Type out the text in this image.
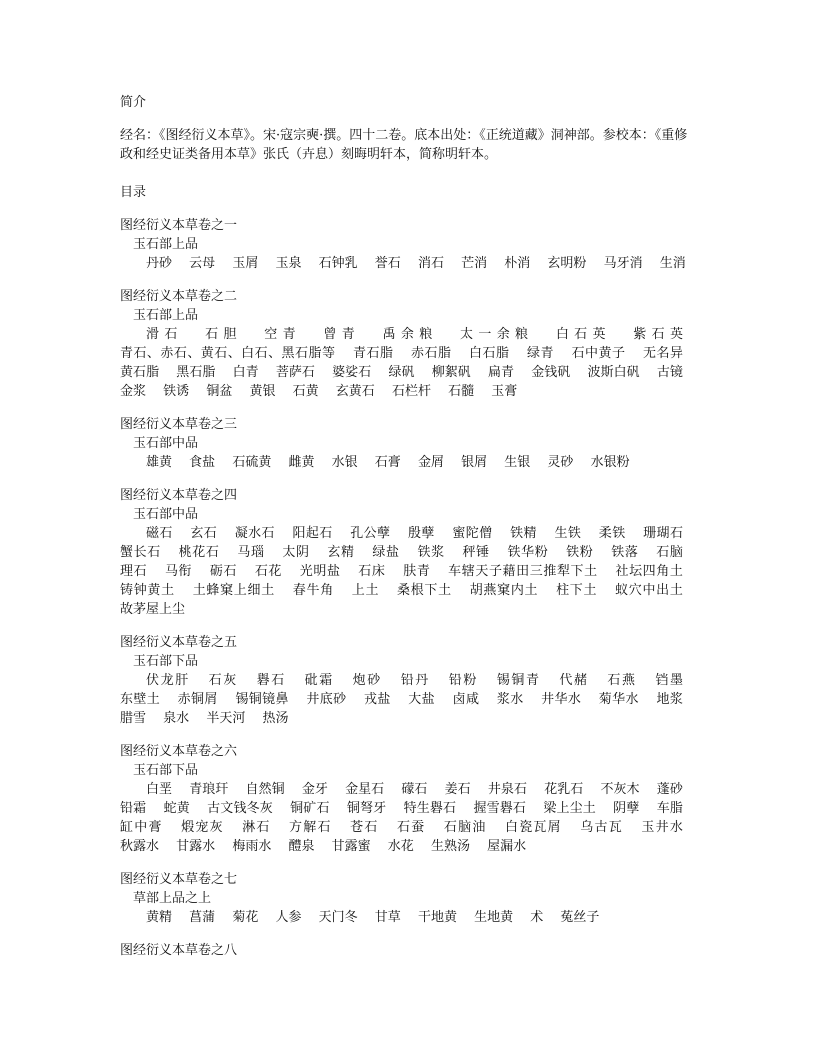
简介

经名：《图经衍义本草》。宋·寇宗奭·撰。四十二卷。底本出处：《正统道藏》洞神部。参校本：《重修政和经史证类备用本草》张氏（卉息）刻晦明轩本，简称明轩本。

目录

图经衍义本草卷之一

玉石部上品

丹砂 云母 玉屑 玉泉 石钟乳 誉石 消石 芒消 朴消 玄明粉 马牙消 生消

图经衍义本草卷之二

玉石部上品

滑石 石胆 空青 曾青 禹余粮 太一余粮 白石英 紫石英 青石、赤石、黄石、白石、黑石脂等 青石脂 赤石脂 白石脂 绿青 石中黄子 无名异 黄石脂 黑石脂 白青 菩萨石 婆娑石 绿矾 柳絮矾 扁青 金钱矾 波斯白矾 古镜 金浆 铁诱 铜盆 黄银 石黄 玄黄石 石栏杆 石髓 玉膏

图经衍义本草卷之三

玉石部中品

雄黄 食盐 石硫黄 雌黄 水银 石膏 金屑 银屑 生银 灵砂 水银粉

图经衍义本草卷之四

玉石部中品

磁石 玄石 凝水石 阳起石 孔公孽 殷孽 蜜陀僧 铁精 生铁 柔铁 珊瑚石 蟹长石 桃花石 马瑙 太阴 玄精 绿盐 铁浆 秤锤 铁华粉 铁粉 铁落 石脑 理石 马衔 砺石 石花 光明盐 石床 肤青 车辖天子藉田三推犁下土 社坛四角土 铸钟黄土 土蜂窠上细土 春牛角 上土 桑根下土 胡燕窠内土 柱下土 蚁穴中出土 故茅屋上尘

图经衍义本草卷之五

玉石部下品

伏龙肝 石灰 礜石 砒霜 炮砂 铅丹 铅粉 锡铜青 代赭 石燕 铛墨 东壁土 赤铜屑 锡铜镜鼻 井底砂 戎盐 大盐 卤咸 浆水 井华水 菊华水 地浆 腊雪 泉水 半天河 热汤

图经衍义本草卷之六

玉石部下品

白垩 青琅玕 自然铜 金牙 金星石 礞石 姜石 井泉石 花乳石 不灰木 蓬砂 铅霜 蛇黄 古文钱冬灰 铜矿石 铜弩牙 特生礜石 握雪礜石 梁上尘土 阴孽 车脂 缸中膏 煅宠灰 淋石 方解石 苍石 石蚕 石脑油 白瓷瓦屑 乌古瓦 玉井水 秋露水 甘露水 梅雨水 醴泉 甘露蜜 水花 生熟汤 屋漏水

图经衍义本草卷之七

草部上品之上

黄精 菖蒲 菊花 人参 天门冬 甘草 干地黄 生地黄 术 菟丝子

图经衍义本草卷之八
